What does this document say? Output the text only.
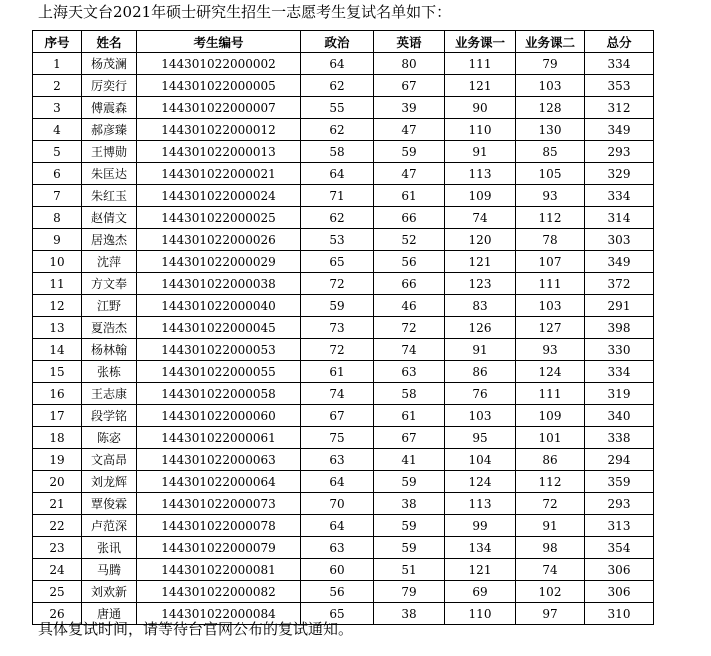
上海天文台2021年硕士研究生招生一志愿考生复试名单如下：
序号	姓名	考生编号	政治	英语	业务课一	业务课二	总分
1	杨茂澜	144301022000002	64	80	111	79	334
2	厉奕行	144301022000005	62	67	121	103	353
3	傅震森	144301022000007	55	39	90	128	312
4	郝彦臻	144301022000012	62	47	110	130	349
5	王博勋	144301022000013	58	59	91	85	293
6	朱匡达	144301022000021	64	47	113	105	329
7	朱红玉	144301022000024	71	61	109	93	334
8	赵倩文	144301022000025	62	66	74	112	314
9	居逸杰	144301022000026	53	52	120	78	303
10	沈萍	144301022000029	65	56	121	107	349
11	方文奉	144301022000038	72	66	123	111	372
12	江野	144301022000040	59	46	83	103	291
13	夏浩杰	144301022000045	73	72	126	127	398
14	杨林翰	144301022000053	72	74	91	93	330
15	张栋	144301022000055	61	63	86	124	334
16	王志康	144301022000058	74	58	76	111	319
17	段学铭	144301022000060	67	61	103	109	340
18	陈宓	144301022000061	75	67	95	101	338
19	文高昂	144301022000063	63	41	104	86	294
20	刘龙辉	144301022000064	64	59	124	112	359
21	覃俊霖	144301022000073	70	38	113	72	293
22	卢范深	144301022000078	64	59	99	91	313
23	张讯	144301022000079	63	59	134	98	354
24	马腾	144301022000081	60	51	121	74	306
25	刘欢新	144301022000082	56	79	69	102	306
26	唐通	144301022000084	65	38	110	97	310
具体复试时间，请等待台官网公布的复试通知。
